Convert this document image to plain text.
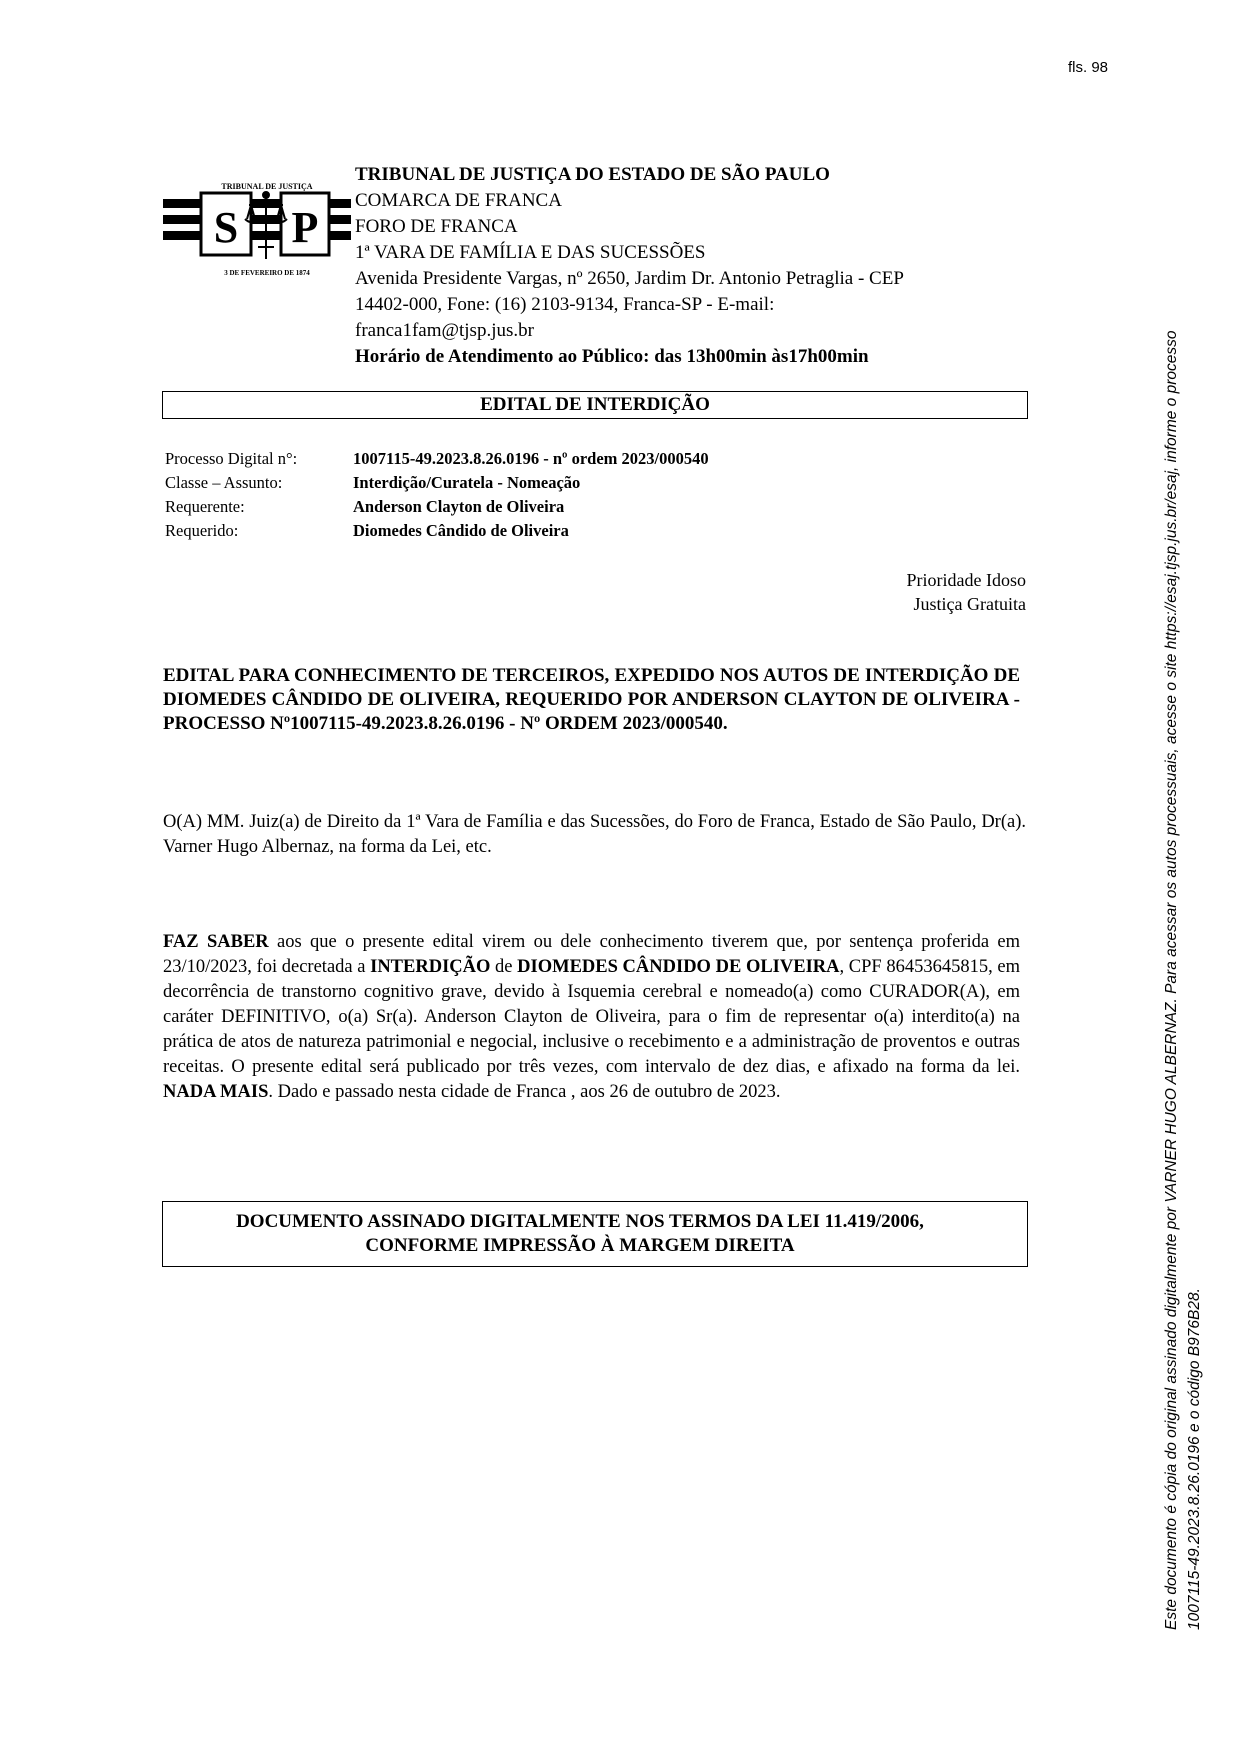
fls. 98
TRIBUNAL DE JUSTIÇA
S P
3 DE FEVEREIRO DE 1874
TRIBUNAL DE JUSTIÇA DO ESTADO DE SÃO PAULO
COMARCA DE FRANCA
FORO DE FRANCA
1ª VARA DE FAMÍLIA E DAS SUCESSÕES
Avenida Presidente Vargas, nº 2650, Jardim Dr. Antonio Petraglia - CEP
14402-000, Fone: (16) 2103-9134, Franca-SP - E-mail:
franca1fam@tjsp.jus.br
Horário de Atendimento ao Público: das 13h00min às17h00min
EDITAL DE INTERDIÇÃO
Processo Digital n°:	1007115-49.2023.8.26.0196 - nº ordem 2023/000540
Classe – Assunto:	Interdição/Curatela - Nomeação
Requerente:	Anderson Clayton de Oliveira
Requerido:	Diomedes Cândido de Oliveira
Prioridade Idoso
Justiça Gratuita
EDITAL PARA CONHECIMENTO DE TERCEIROS, EXPEDIDO NOS AUTOS DE INTERDIÇÃO DE DIOMEDES CÂNDIDO DE OLIVEIRA, REQUERIDO POR ANDERSON CLAYTON DE OLIVEIRA - PROCESSO Nº1007115-49.2023.8.26.0196 - Nº ORDEM 2023/000540.
O(A) MM. Juiz(a) de Direito da 1ª Vara de Família e das Sucessões, do Foro de Franca, Estado de São Paulo, Dr(a). Varner Hugo Albernaz, na forma da Lei, etc.
FAZ SABER aos que o presente edital virem ou dele conhecimento tiverem que, por sentença proferida em 23/10/2023, foi decretada a INTERDIÇÃO de DIOMEDES CÂNDIDO DE OLIVEIRA, CPF 86453645815, em decorrência de transtorno cognitivo grave, devido à Isquemia cerebral e nomeado(a) como CURADOR(A), em caráter DEFINITIVO, o(a) Sr(a). Anderson Clayton de Oliveira, para o fim de representar o(a) interdito(a) na prática de atos de natureza patrimonial e negocial, inclusive o recebimento e a administração de proventos e outras receitas. O presente edital será publicado por três vezes, com intervalo de dez dias, e afixado na forma da lei. NADA MAIS. Dado e passado nesta cidade de Franca , aos 26 de outubro de 2023.
DOCUMENTO ASSINADO DIGITALMENTE NOS TERMOS DA LEI 11.419/2006,
CONFORME IMPRESSÃO À MARGEM DIREITA	Este documento é cópia do original assinado digitalmente por VARNER HUGO ALBERNAZ. Para acessar os autos processuais, acesse o site https://esaj.tjsp.jus.br/esaj, informe o processo 1007115-49.2023.8.26.0196 e o código B976B28.
